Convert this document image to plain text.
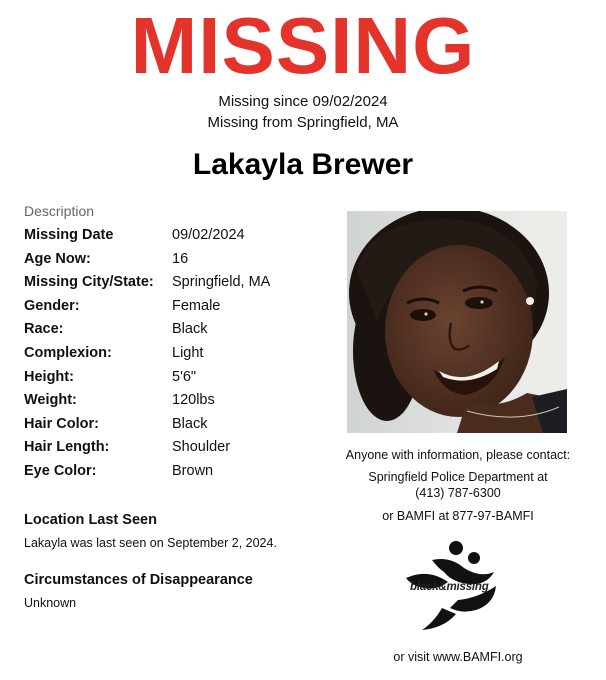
MISSING
Missing since 09/02/2024
Missing from Springfield, MA
Lakayla Brewer
Description
Missing Date	09/02/2024
Age Now:	16
Missing City/State: Springfield, MA
Gender:	Female
Race:	Black
Complexion:	Light
Height:	5'6"
Weight:	120lbs
Hair Color:	Black
Hair Length:	Shoulder
Eye Color:	Brown
Anyone with information, please contact:
Springfield Police Department at
(413) 787-6300
or BAMFI at 877-97-BAMFI
Location Last Seen
Lakayla was last seen on September 2, 2024.
Circumstances of Disappearance
Unknown
black&missing
or visit www.BAMFI.org
